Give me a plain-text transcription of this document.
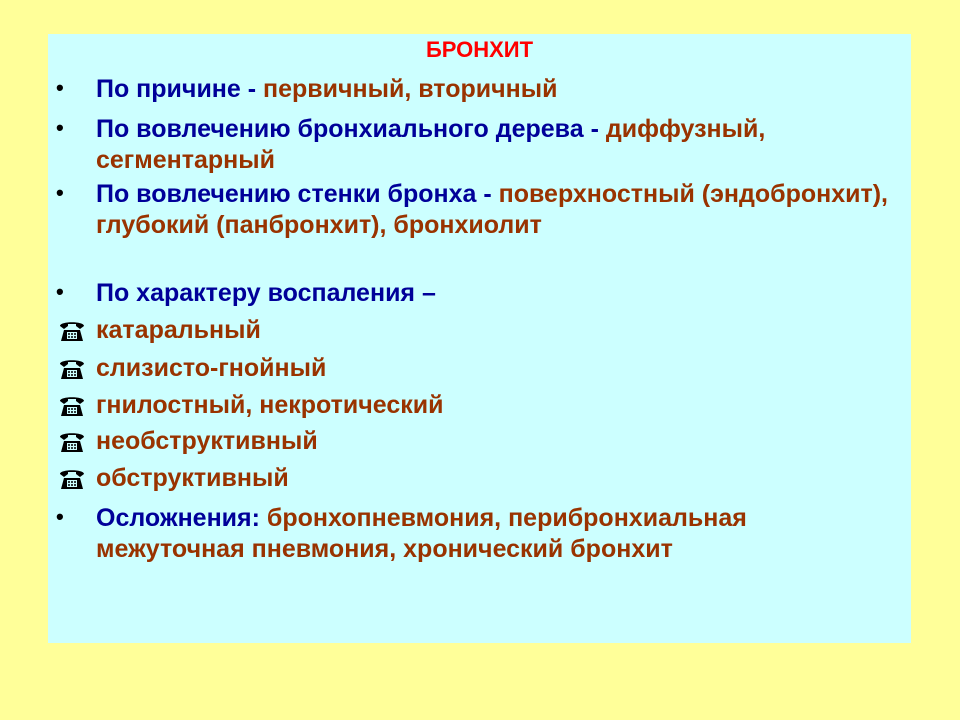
БРОНХИТ
• По причине - первичный, вторичный
• По вовлечению бронхиального дерева - диффузный, сегментарный
• По вовлечению стенки бронха - поверхностный (эндобронхит), глубокий (панбронхит), бронхиолит
• По характеру воспаления –
катаральный
слизисто-гнойный
гнилостный, некротический
необструктивный
обструктивный
• Осложнения: бронхопневмония, перибронхиальная межуточная пневмония, хронический бронхит
